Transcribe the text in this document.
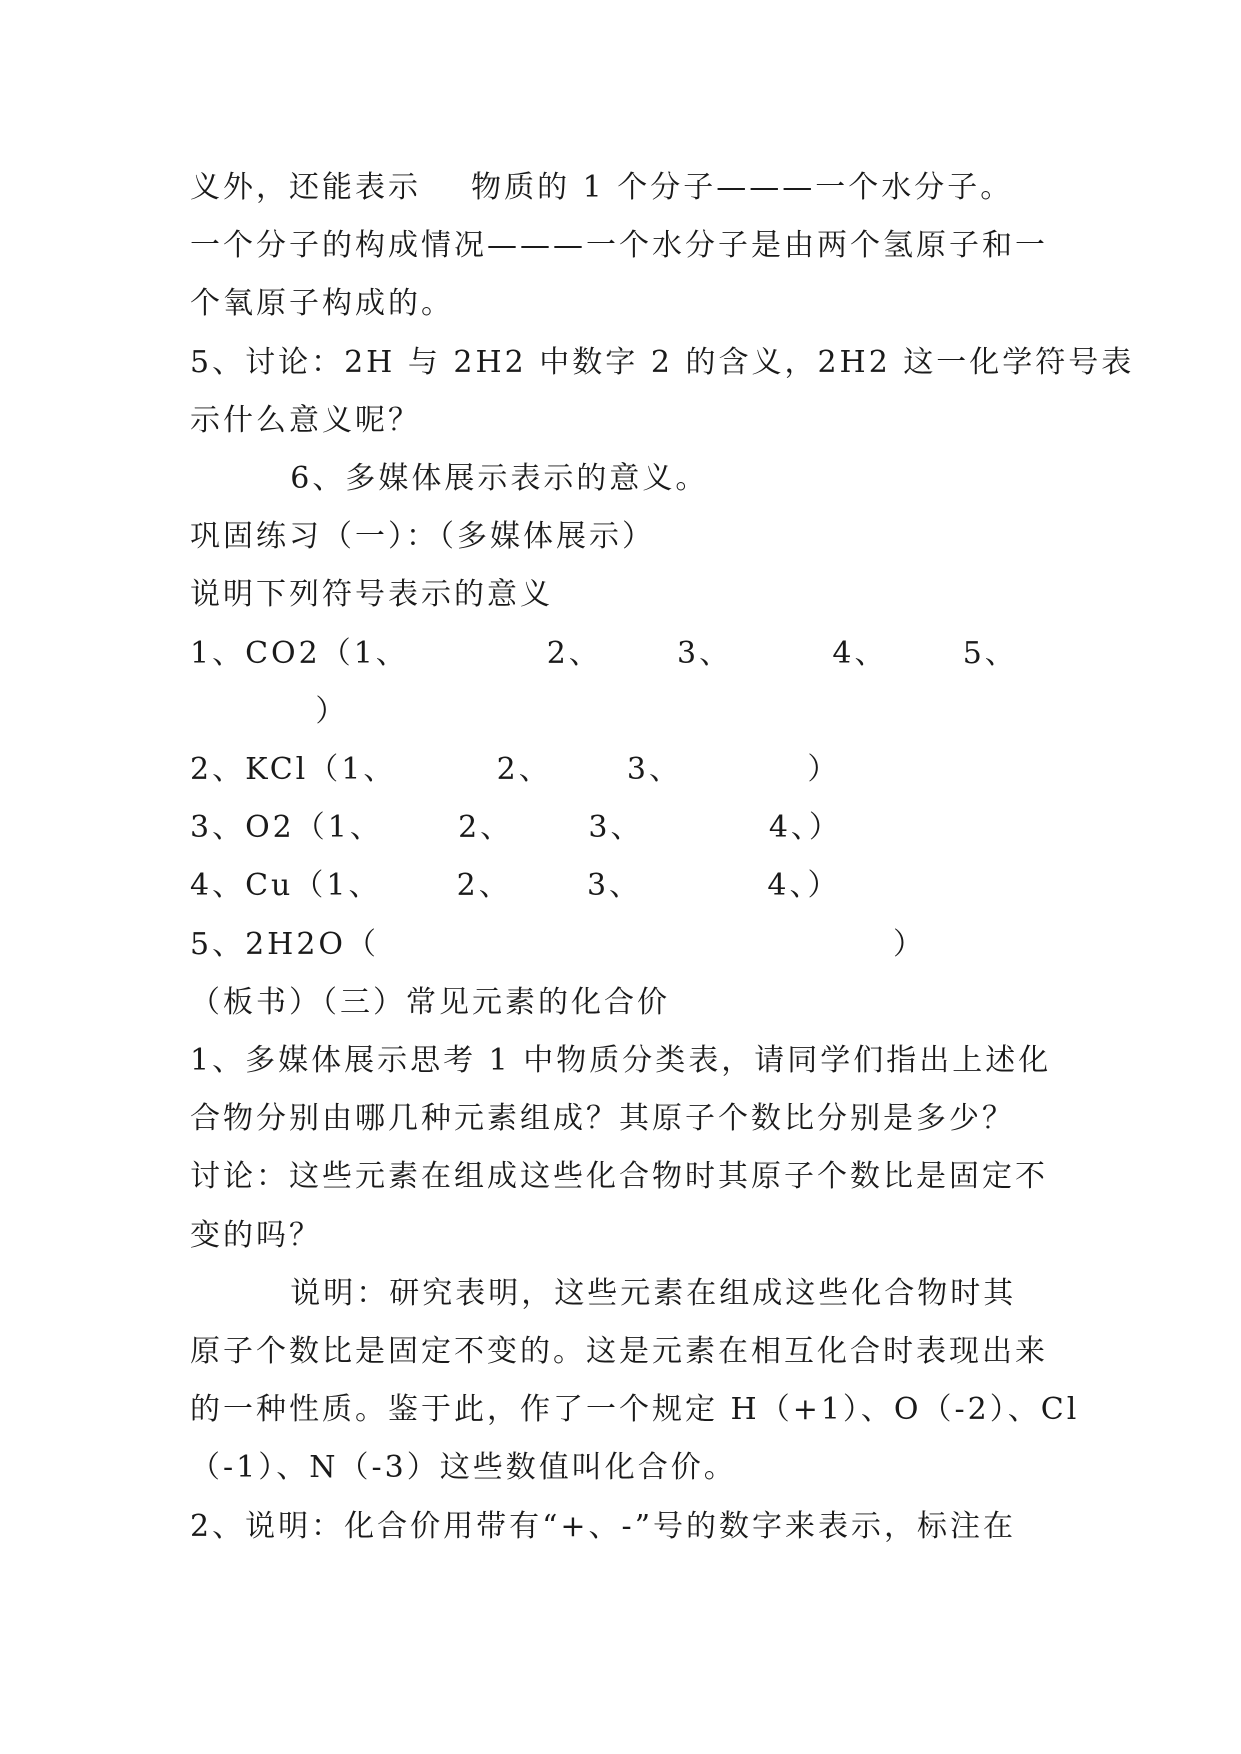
义外，还能表示    物质的 1 个分子———一个水分子。
一个分子的构成情况———一个水分子是由两个氢原子和一
个氧原子构成的。
5、讨论：2H 与 2H2 中数字 2 的含义，2H2 这一化学符号表
示什么意义呢？
6、多媒体展示表示的意义。
巩固练习（一）：（多媒体展示）
说明下列符号表示的意义
1、CO2（1、           2、      3、        4、      5、
）
2、KCl（1、        2、      3、          ）
3、O2（1、      2、      3、          4、）
4、Cu（1、      2、      3、          4、）
5、2H2O（                                         ）
（板书）（三）常见元素的化合价
1、多媒体展示思考 1 中物质分类表，请同学们指出上述化
合物分别由哪几种元素组成？其原子个数比分别是多少？
讨论：这些元素在组成这些化合物时其原子个数比是固定不
变的吗？
说明：研究表明，这些元素在组成这些化合物时其
原子个数比是固定不变的。这是元素在相互化合时表现出来
的一种性质。鉴于此，作了一个规定 H（+1）、O（-2）、Cl
（-1）、N（-3）这些数值叫化合价。
2、说明：化合价用带有“+、-”号的数字来表示，标注在
